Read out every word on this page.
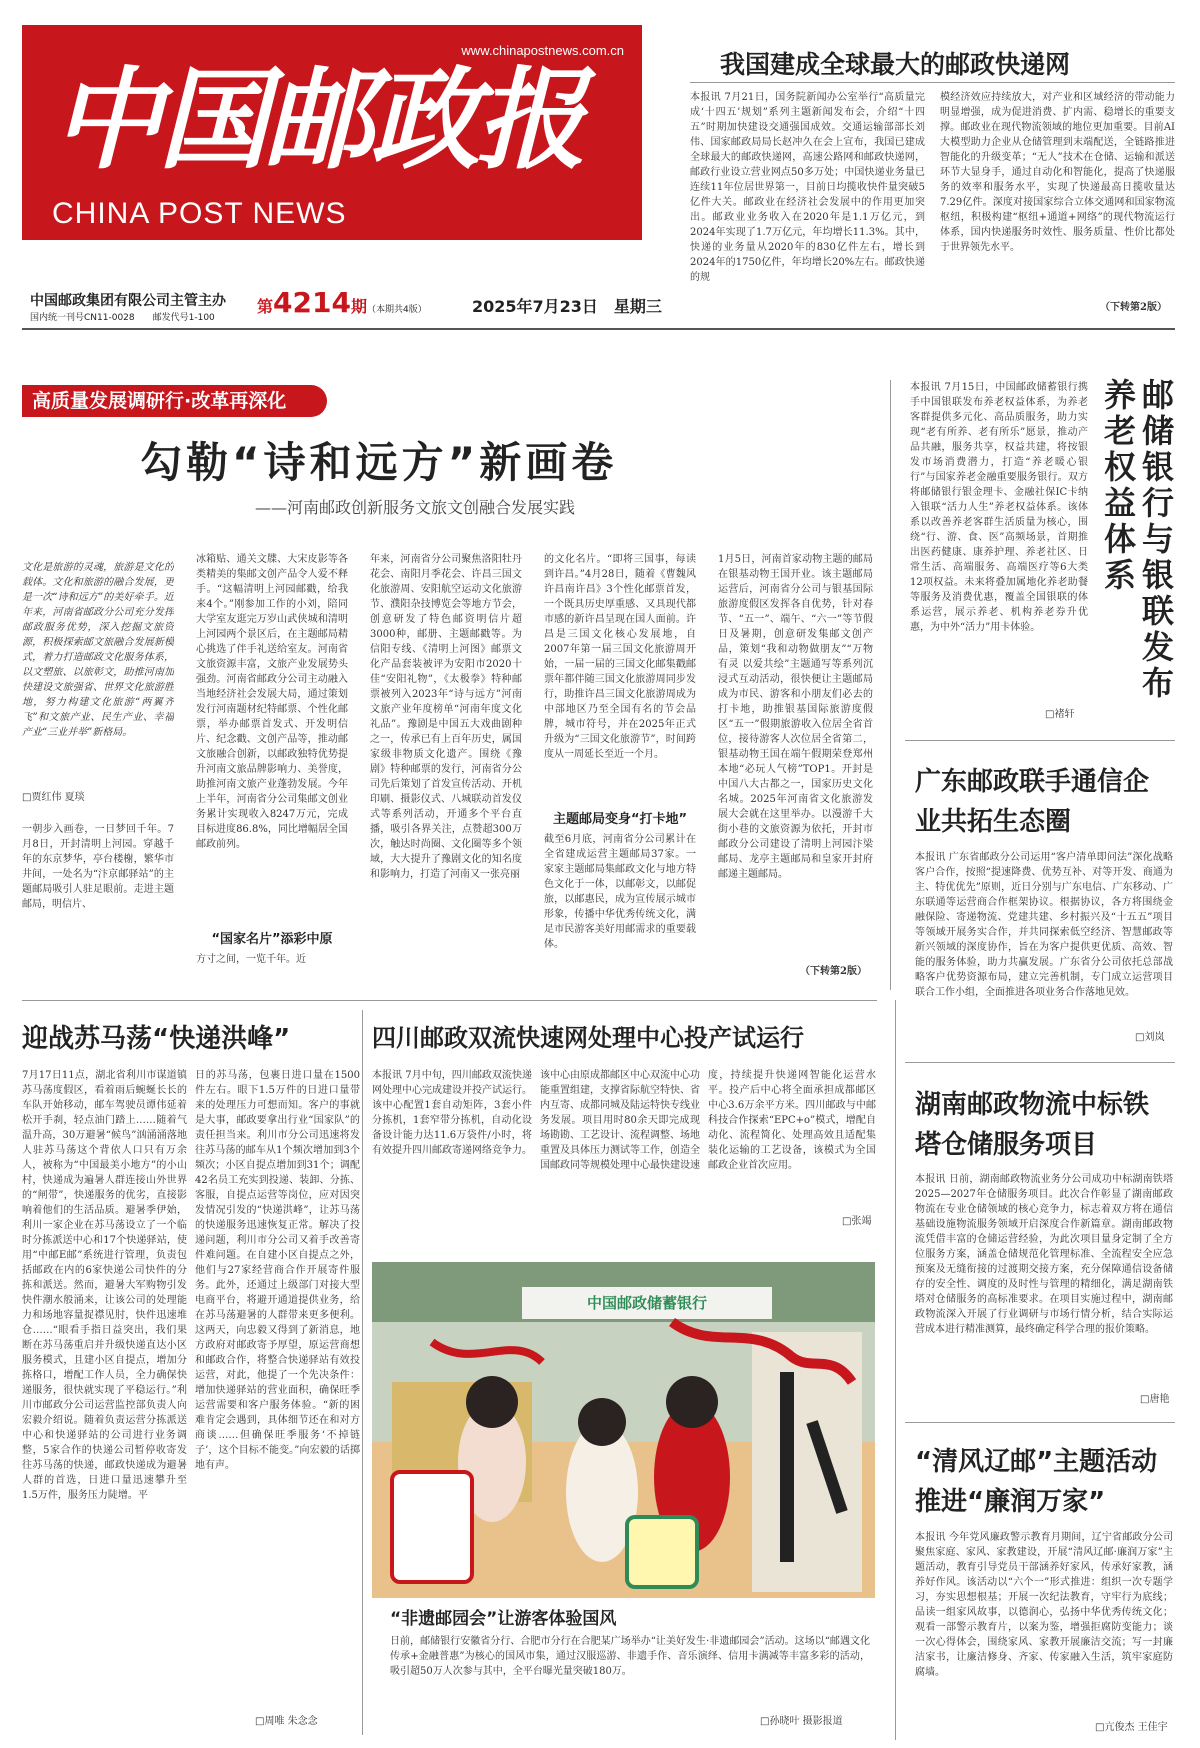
www.chinapostnews.com.cn
中国邮政报
CHINA POST NEWS
中国邮政集团有限公司主管主办
国内统一刊号CN11-0028　　邮发代号1-100
第4214期（本期共4版）	2025年7月23日　星期三
我国建成全球最大的邮政快递网
本报讯 7月21日，国务院新闻办公室举行“高质量完成‘十四五’规划”系列主题新闻发布会，介绍“十四五”时期加快建设交通强国成效。交通运输部部长刘伟、国家邮政局局长赵冲久在会上宣布，我国已建成全球最大的邮政快递网，高速公路网和邮政快递网，邮政行业设立营业网点50多万处；中国快递业务量已连续11年位居世界第一，目前日均揽收快件量突破5亿件大关。邮政业在经济社会发展中的作用更加突出。邮政业业务收入在2020年是1.1万亿元，到2024年实现了1.7万亿元，年均增长11.3%。其中，快递的业务量从2020年的830亿件左右，增长到2024年的1750亿件，年均增长20%左右。邮政快递的规
模经济效应持续放大，对产业和区域经济的带动能力明显增强，成为促进消费、扩内需、稳增长的重要支撑。邮政业在现代物流领域的地位更加重要。目前AI大模型助力企业从仓储管理到末端配送，全链路推进智能化的升级变革；“无人”技术在仓储、运输和派送环节大显身手，通过自动化和智能化，提高了快递服务的效率和服务水平，实现了快递最高日揽收量达7.29亿件。深度对接国家综合立体交通网和国家物流枢纽，积极构建“枢纽+通道+网络”的现代物流运行体系，国内快递服务时效性、服务质量、性价比都处于世界领先水平。
（下转第2版）
高质量发展调研行·改革再深化
勾勒“诗和远方”新画卷
——河南邮政创新服务文旅文创融合发展实践
文化是旅游的灵魂，旅游是文化的载体。文化和旅游的融合发展，更是一次“诗和远方”的美好牵手。近年来，河南省邮政分公司充分发挥邮政服务优势，深入挖掘文旅资源，积极探索邮文旅融合发展新模式，着力打造邮政文化服务体系，以文塑旅、以旅彰文，助推河南加快建设文旅强省、世界文化旅游胜地，努力构建文化旅游“两翼齐飞”和文旅产业、民生产业、幸福产业“三业并举”新格局。
□贾红伟 夏琰
一朝步入画卷，一日梦回千年。7月8日，开封清明上河园。穿越千年的东京梦华，亭台楼榭，繁华市井间，一处名为“汴京邮驿站”的主题邮局吸引人驻足眼前。走进主题邮局，明信片、
冰箱贴、通关文牒、大宋皮影等各类精美的集邮文创产品令人爱不释手。“这幅清明上河园邮戳，给我来4个。”刚参加工作的小刘，陪同大学室友逛完万岁山武侠城和清明上河园两个景区后，在主题邮局精心挑选了伴手礼送给室友。河南省文旅资源丰富，文旅产业发展势头强劲。河南省邮政分公司主动融入当地经济社会发展大局，通过策划发行河南题材纪特邮票、个性化邮票，举办邮票首发式、开发明信片、纪念戳、文创产品等，推动邮文旅融合创新，以邮政独特优势提升河南文旅品牌影响力、美誉度，助推河南文旅产业蓬勃发展。今年上半年，河南省分公司集邮文创业务累计实现收入8247万元，完成目标进度86.8%，同比增幅居全国邮政前列。
“国家名片”添彩中原
方寸之间，一览千年。近
年来，河南省分公司聚焦洛阳牡丹花会、南阳月季花会、许昌三国文化旅游周、安阳航空运动文化旅游节、濮阳杂技博览会等地方节会，创意研发了特色邮资明信片超3000种，邮册、主题邮戳等。为信阳专线、《清明上河图》邮票文化产品套装被评为安阳市2020十佳“安阳礼物”，《太极拳》特种邮票被列入2023年“诗与远方”河南文旅产业年度榜单“河南年度文化礼品”。豫剧是中国五大戏曲剧种之一，传承已有上百年历史，属国家级非物质文化遗产。围绕《豫剧》特种邮票的发行，河南省分公司先后策划了首发宣传活动、开机印刷、摄影仪式、八城联动首发仪式等系列活动，开通多个平台直播，吸引各界关注，点赞超300万次，触达时尚圈、文化圈等多个领域，大大提升了豫剧文化的知名度和影响力，打造了河南又一张亮丽
的文化名片。“即将三国事，每读到许昌。”4月28日，随着《曹魏风 许昌南许昌》3个性化邮票首发，一个既具历史厚重感、又具现代都市感的新许昌呈现在国人面前。许昌是三国文化核心发展地，自2007年第一届三国文化旅游周开始，一届一届的三国文化邮集戳邮票年都伴随三国文化旅游周同步发行，助推许昌三国文化旅游周成为中部地区乃至全国有名的节会品牌，城市符号，并在2025年正式升级为“三国文化旅游节”，时间跨度从一周延长至近一个月。
主题邮局变身“打卡地”
截至6月底，河南省分公司累计在全省建成运营主题邮局37家。一家家主题邮局集邮政文化与地方特色文化于一体，以邮彰文，以邮促旅，以邮惠民，成为宣传展示城市形象，传播中华优秀传统文化，满足市民游客美好用邮需求的重要载体。
1月5日，河南首家动物主题的邮局在银基动物王国开业。该主题邮局运营后，河南省分公司与银基国际旅游度假区发挥各自优势，针对春节、“五一”、端午、“六一”等节假日及暑期，创意研发集邮文创产品，策划“我和动物做朋友”“万物有灵 以爱共绘”主题通写等系列沉浸式互动活动，很快便让主题邮局成为市民、游客和小朋友们必去的打卡地，助推银基国际旅游度假区“五一”假期旅游收入位居全省首位，接待游客人次位居全省第二，银基动物王国在端午假期荣登郑州本地“必玩人气榜”TOP1。开封是中国八大古都之一，国家历史文化名城。2025年河南省文化旅游发展大会就在这里举办。以漫游千大街小巷的文旅资源为依托，开封市邮政分公司建设了清明上河园汴梁邮局、龙亭主题邮局和皇家开封府邮递主题邮局。
（下转第2版）
邮储银行与银联发布养老权益体系
本报讯 7月15日，中国邮政储蓄银行携手中国银联发布养老权益体系，为养老客群提供多元化、高品质服务，助力实现“老有所养、老有所乐”愿景，推动产品共融，服务共享，权益共建，将按银发市场消费潜力，打造“养老暖心银行”与国家养老金融重要服务银行。双方将邮储银行银金理卡、金融社保IC卡纳入银联“活力人生”养老权益体系。该体系以改善养老客群生活质量为核心，围绕“行、游、食、医”高频场景，首期推出医药健康、康养护理、养老社区、日常生活、高端服务、高端医疗等6大类12项权益。未来将叠加属地化养老助餐等服务及消费优惠，覆盖全国银联的体系运营，展示养老、机构养老券升优惠，为中外“活力”用卡体验。
□褚轩
广东邮政联手通信企业共拓生态圈
本报讯 广东省邮政分公司运用“客户清单即问法”深化战略客户合作，按照“提速降费、优势互补、对等开发、商通为主、特优优先”原则，近日分别与广东电信、广东移动、广东联通等运营商合作框架协议。根据协议，各方将围绕金融保险、寄递物流、党建共建、乡村振兴及“十五五”项目等领域开展务实合作，并共同探索低空经济、智慧邮政等新兴领域的深度协作，旨在为客户提供更优质、高效、智能的服务体验，助力共赢发展。广东省分公司依托总部战略客户优势资源布局，建立完善机制，专门成立运营项目联合工作小组，全面推进各项业务合作落地见效。
□刘岚
湖南邮政物流中标铁塔仓储服务项目
本报讯 日前，湖南邮政物流业务分公司成功中标湖南铁塔2025—2027年仓储服务项目。此次合作彰显了湖南邮政物流在专业仓储领域的核心竞争力，标志着双方将在通信基础设施物流服务领域开启深度合作新篇章。湖南邮政物流凭借丰富的仓储运营经验，为此次项目量身定制了全方位服务方案，涵盖仓储规范化管理标准、全流程安全应急预案及无缝衔接的过渡期交接方案，充分保障通信设备储存的安全性、调度的及时性与管理的精细化，满足湖南铁塔对仓储服务的高标准要求。在项目实施过程中，湖南邮政物流深入开展了行业调研与市场行情分析，结合实际运营成本进行精准测算，最终确定科学合理的报价策略。
□唐艳
“清风辽邮”主题活动推进“廉润万家”
本报讯 今年党风廉政警示教育月期间，辽宁省邮政分公司聚焦家庭、家风、家教建设，开展“清风辽邮·廉润万家”主题活动，教育引导党员干部涵养好家风，传承好家教，涵养好作风。该活动以“六个一”形式推进：组织一次专题学习，夯实思想根基；开展一次纪法教育，守牢行为底线；品读一组家风故事，以德润心，弘扬中华优秀传统文化；观看一部警示教育片，以案为鉴，增强拒腐防变能力；谈一次心得体会，围绕家风、家教开展廉洁交流；写一封廉洁家书，让廉洁修身、齐家、传家融入生活，筑牢家庭防腐墙。
□亢俊杰 王佳宇
迎战苏马荡“快递洪峰”
7月17日11点，湖北省利川市谋道镇苏马荡度假区，看着雨后蜿蜒长长的车队开始移动，邮车驾驶员谭伟延着松开手刹，轻点油门踏上……随着气温升高，30万避暑“候鸟”汹涌涌落地人驻苏马荡这个背依人口只有万余人，被称为“中国最美小地方”的小山村，快递成为遍暑人群连接山外世界的“闸带”，快递服务的优劣，直接影响着他们的生活品质。避暑季伊始，利川一家企业在苏马荡设立了一个临时分拣派送中心和17个快递驿站，使用“中邮E邮”系统进行管理，负责包括邮政在内的6家快递公司快件的分拣和派送。然而，避暑大军购物引发快件潮水般涌来，让该公司的处理能力和场地容量捉襟见肘，快件迅速堆仓……“眼看手指日益突出，我们果断在苏马荡重启并升级快递直达小区服务模式，且建小区自提点，增加分拣格口，增配工作人员，全力确保快递服务，很快就实现了平稳运行。”利川市邮政分公司运营监控部负责人向宏毅介绍说。随着负责运营分拣派送中心和快递驿站的公司进行业务调整，5家合作的快递公司暂停收寄发往苏马荡的快递，邮政快递成为避暑人群的首选，日进口量迅速攀升至1.5万件，服务压力陡增。平
日的苏马荡，包裹日进口量在1500件左右。眼下1.5万件的日进口量带来的处理压力可想而知。客户的事就是大事，邮政要拿出行业“国家队”的责任担当来。利川市分公司迅速将发往苏马荡的邮车从1个频次增加到3个频次；小区自提点增加到31个；调配42名员工充实到投递、装卸、分拣、客服，自提点运营等岗位，应对因突发情况引发的“快递洪峰”，让苏马荡的快递服务迅速恢复正常。解决了投递问题，利川市分公司又着手改善寄件难问题。在自建小区自提点之外，他们与27家经营商合作开展寄件服务。此外，还通过上级部门对接大型电商平台，将避开通道提供业务，给在苏马荡避暑的人群带来更多便利。这两天，向忠毅又得到了新消息，地方政府对邮政寄予厚望，原运营商想和邮政合作，将整合快递驿站有效投运营，对此，他提了一个先决条件：增加快递驿站的营业面积，确保旺季运营需要和客户服务体验。“新的困难肯定会遇到，具体细节还在和对方商谈……但确保旺季服务‘不掉链子’，这个目标不能变。”向宏毅的话掷地有声。
□周唯 朱念念
四川邮政双流快速网处理中心投产试运行
本报讯 7月中旬，四川邮政双流快递网处理中心完成建设并投产试运行。该中心配置1套自动矩阵，3套小件分拣机，1套窄带分拣机，自动化设备设计能力达11.6万袋件/小时，将有效提升四川邮政寄递网络竞争力。
该中心由原成都邮区中心双流中心功能重置组建，支撑省际航空特快、省内互寄、成都同城及陆运特快专线业务发展。项目用时80余天即完成现场勘勘、工艺设计、流程调整、场地重置及具体压力测试等工作，创造全国邮政同等规模处理中心最快建设速
度，持续提升快递网智能化运营水平。投产后中心将全面承担成都邮区中心3.6万余平方米。四川邮政与中邮科技合作探索“EPC+o”模式，增配自动化、流程简化、处理高效且适配集装化运输的工艺设备，该模式为全国邮政企业首次应用。
□张竭
中国邮政储蓄银行
“非遗邮园会”让游客体验国风
日前，邮储银行安徽省分行、合肥市分行在合肥某广场举办“让美好发生·非遗邮园会”活动。这场以“邮遇文化传承+金融普惠”为核心的国风市集，通过汉服巡游、非遗手作、音乐演绎、信用卡满减等丰富多彩的活动，吸引超50万人次参与其中，全平台曝光量突破180万。
□孙晓叶 摄影报道
